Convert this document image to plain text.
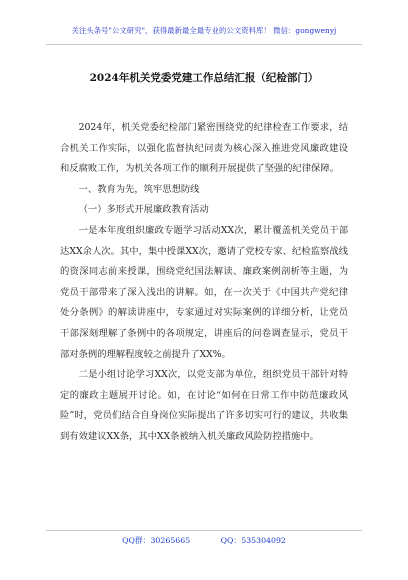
关注头条号"公文研究"，获得最新最全最专业的公文资料库！ 微信：gongwenyj
2024年机关党委党建工作总结汇报（纪检部门）

2024年，机关党委纪检部门紧密围绕党的纪律检查工作要求，结合机关工作实际，以强化监督执纪问责为核心深入推进党风廉政建设和反腐败工作，为机关各项工作的顺利开展提供了坚强的纪律保障。

一、教育为先，筑牢思想防线

（一）多形式开展廉政教育活动

一是本年度组织廉政专题学习活动XX次，累计覆盖机关党员干部达XX余人次。其中，集中授课XX次，邀请了党校专家、纪检监察战线的资深同志前来授课，围绕党纪国法解读、廉政案例剖析等主题，为党员干部带来了深入浅出的讲解。如，在一次关于《中国共产党纪律处分条例》的解读讲座中，专家通过对实际案例的详细分析，让党员干部深刻理解了条例中的各项规定，讲座后的问卷调查显示，党员干部对条例的理解程度较之前提升了XX%。

二是小组讨论学习XX次，以党支部为单位，组织党员干部针对特定的廉政主题展开讨论。如，在讨论“如何在日常工作中防范廉政风险”时，党员们结合自身岗位实际提出了许多切实可行的建议，共收集到有效建议XX条，其中XX条被纳入机关廉政风险防控措施中。

QQ群：30265665	QQ：535304092
